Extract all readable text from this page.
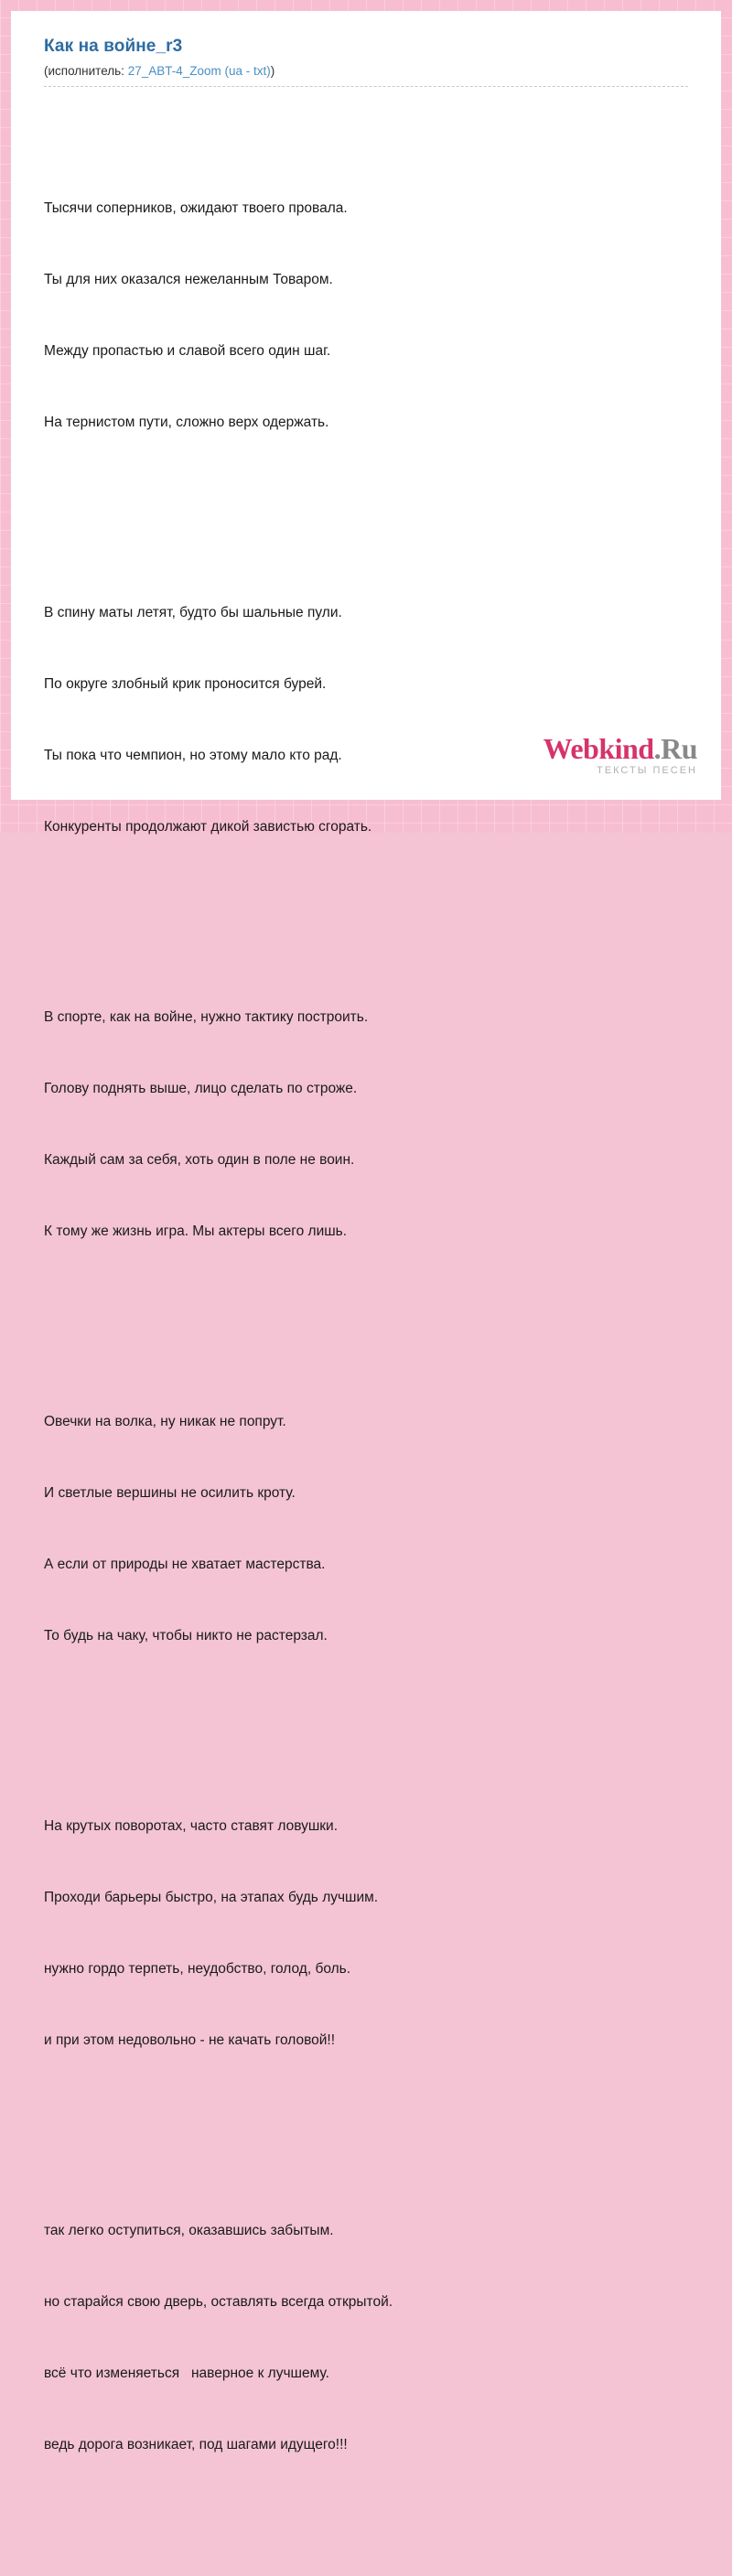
Как на войне_r3
(исполнитель: 27_ABT-4_Zoom (ua - txt))

Тысячи соперников, ожидают твоего провала.

Ты для них оказался нежеланным Товаром.

Между пропастью и славой всего один шаг.

На тернистом пути, сложно верх одержать.

В спину маты летят, будто бы шальные пули.

По округе злобный крик проносится бурей.

Ты пока что чемпион, но этому мало кто рад.

Конкуренты продолжают дикой завистью сгорать.

В спорте, как на войне, нужно тактику построить.

Голову поднять выше, лицо сделать по строже.

Каждый сам за себя, хоть один в поле не воин.

К тому же жизнь игра. Мы актеры всего лишь.

Овечки на волка, ну никак не попрут.

И светлые вершины не осилить кроту.

А если от природы не хватает мастерства.

То будь на чаку, чтобы никто не растерзал.

На крутых поворотах, часто ставят ловушки.

Проходи барьеры быстро, на этапах будь лучшим.

нужно гордо терпеть, неудобство, голод, боль.

и при этом недовольно - не качать головой!!

так легко оступиться, оказавшись забытым.

но старайся свою дверь, оставлять всегда открытой.

всё что изменяеться   наверное к лучшему.

ведь дорога возникает, под шагами идущего!!!

Webkind.Ru
ТЕКСТЫ ПЕСЕН
